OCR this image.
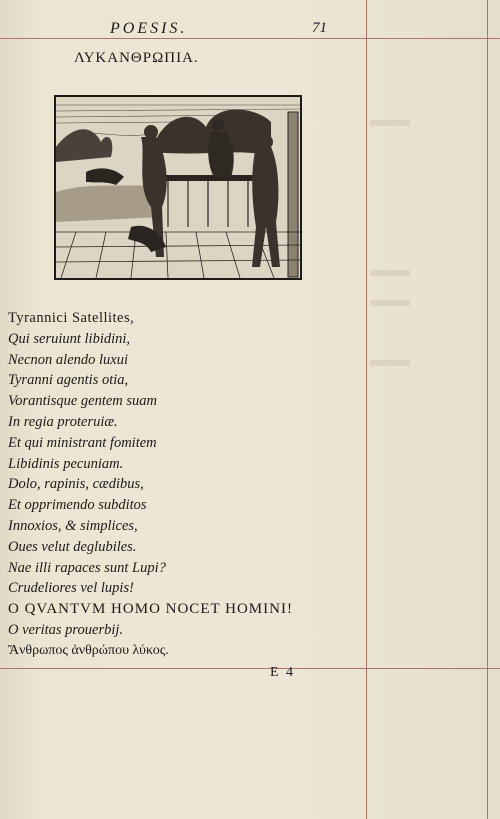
POESIS.	71
ΛΥΚΑΝΘΡΩΠΙΑ.
Tyrannici Satellites,
Qui seruiunt libidini,
Necnon alendo luxui
Tyranni agentis otia,
Vorantisque gentem suam
In regia proteruiæ.
Et qui ministrant fomitem
Libidinis pecuniam.
Dolo, rapinis, cædibus,
Et opprimendo subditos
Innoxios, & simplices,
Oues velut deglubiles.
Nae illi rapaces sunt Lupi?
Crudeliores vel lupis!
O QVANTVM HOMO NOCET HOMINI!
O veritas prouerbij.
Ἄνθρωπος ἀνθρώπου λύκος.
E 4
